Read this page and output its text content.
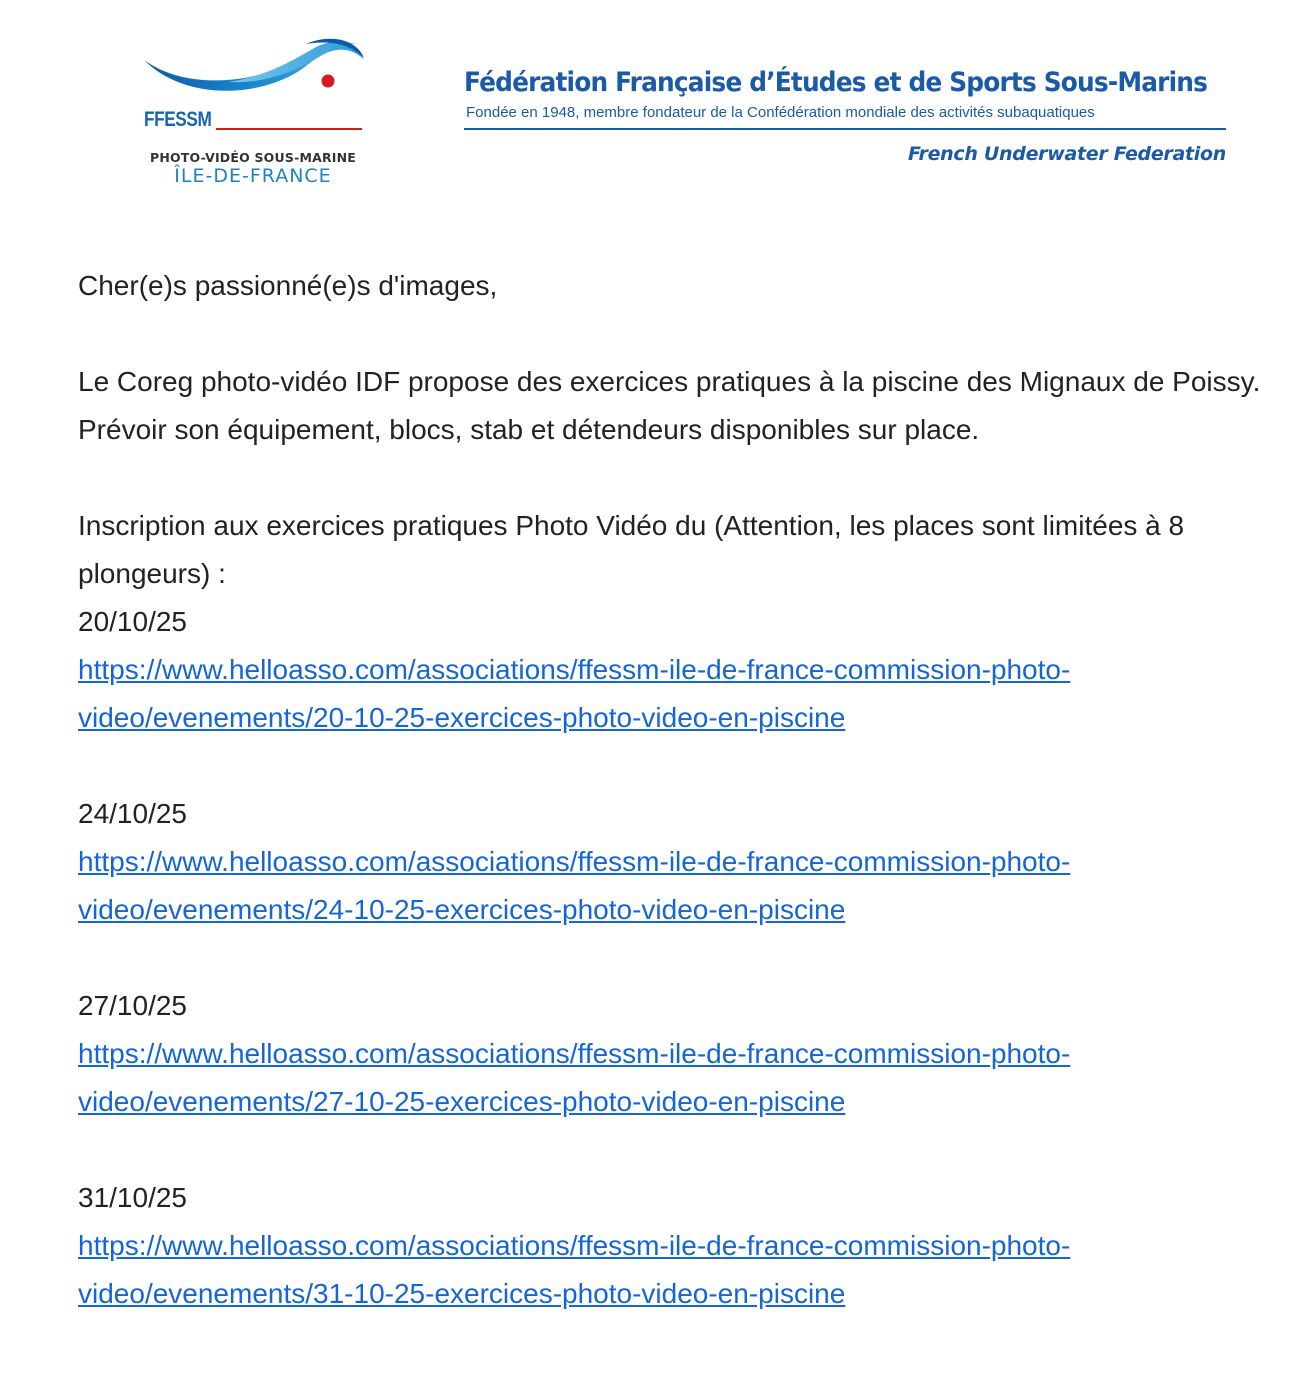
FFESSM
PHOTO-VIDÉO SOUS-MARINE
ÎLE-DE-FRANCE
Fédération Française d’Études et de Sports Sous-Marins
Fondée en 1948, membre fondateur de la Confédération mondiale des activités subaquatiques
French Underwater Federation

Cher(e)s passionné(e)s d'images,

Le Coreg photo-vidéo IDF propose des exercices pratiques à la piscine des Mignaux de Poissy. Prévoir son équipement, blocs, stab et détendeurs disponibles sur place.

Inscription aux exercices pratiques Photo Vidéo du (Attention, les places sont limitées à 8 plongeurs) :

20/10/25

https://www.helloasso.com/associations/ffessm-ile-de-france-commission-photo-
video/evenements/20-10-25-exercices-photo-video-en-piscine

24/10/25

https://www.helloasso.com/associations/ffessm-ile-de-france-commission-photo-
video/evenements/24-10-25-exercices-photo-video-en-piscine

27/10/25

https://www.helloasso.com/associations/ffessm-ile-de-france-commission-photo-
video/evenements/27-10-25-exercices-photo-video-en-piscine

31/10/25

https://www.helloasso.com/associations/ffessm-ile-de-france-commission-photo-
video/evenements/31-10-25-exercices-photo-video-en-piscine
